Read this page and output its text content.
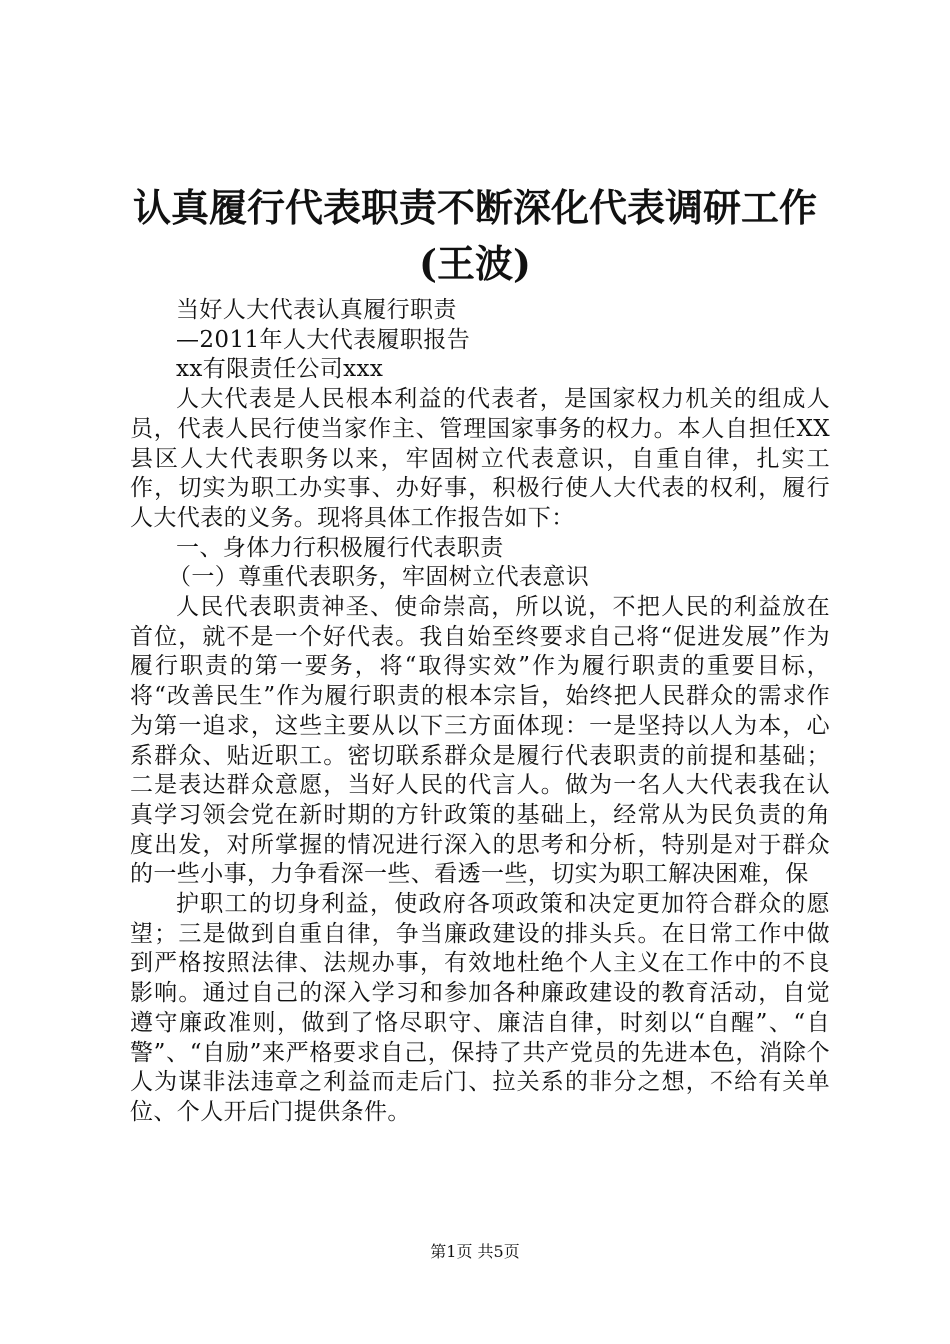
认真履行代表职责不断深化代表调研工作(王波)

当好人大代表认真履行职责

—2011年人大代表履职报告

xx有限责任公司xxx

人大代表是人民根本利益的代表者，是国家权力机关的组成人员，代表人民行使当家作主、管理国家事务的权力。本人自担任XX县区人大代表职务以来，牢固树立代表意识，自重自律，扎实工作，切实为职工办实事、办好事，积极行使人大代表的权利，履行人大代表的义务。现将具体工作报告如下：

一、身体力行积极履行代表职责

（一）尊重代表职务，牢固树立代表意识

人民代表职责神圣、使命崇高，所以说，不把人民的利益放在首位，就不是一个好代表。我自始至终要求自己将“促进发展”作为履行职责的第一要务，将“取得实效”作为履行职责的重要目标，将“改善民生”作为履行职责的根本宗旨，始终把人民群众的需求作为第一追求，这些主要从以下三方面体现：一是坚持以人为本，心系群众、贴近职工。密切联系群众是履行代表职责的前提和基础；二是表达群众意愿，当好人民的代言人。做为一名人大代表我在认真学习领会党在新时期的方针政策的基础上，经常从为民负责的角度出发，对所掌握的情况进行深入的思考和分析，特别是对于群众的一些小事，力争看深一些、看透一些，切实为职工解决困难，保

护职工的切身利益，使政府各项政策和决定更加符合群众的愿望；三是做到自重自律，争当廉政建设的排头兵。在日常工作中做到严格按照法律、法规办事，有效地杜绝个人主义在工作中的不良影响。通过自己的深入学习和参加各种廉政建设的教育活动，自觉遵守廉政准则，做到了恪尽职守、廉洁自律，时刻以“自醒”、“自警”、“自励”来严格要求自己，保持了共产党员的先进本色，消除个人为谋非法违章之利益而走后门、拉关系的非分之想，不给有关单位、个人开后门提供条件。

第1页 共5页
